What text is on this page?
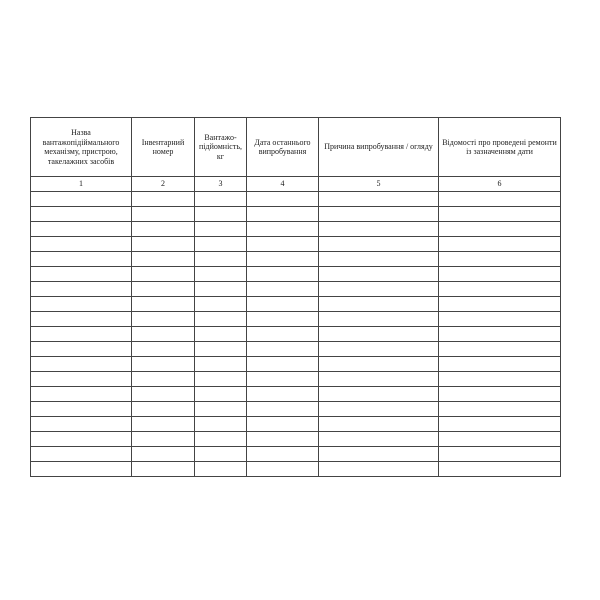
Назва вантажопідіймального механізму, пристрою, такелажних засобів	Інвентарний номер	Вантажо-підйомність, кг	Дата останнього випробування	Причина випробування / огляду	Відомості про проведені ремонти із зазначенням дати
1	2	3	4	5	6
